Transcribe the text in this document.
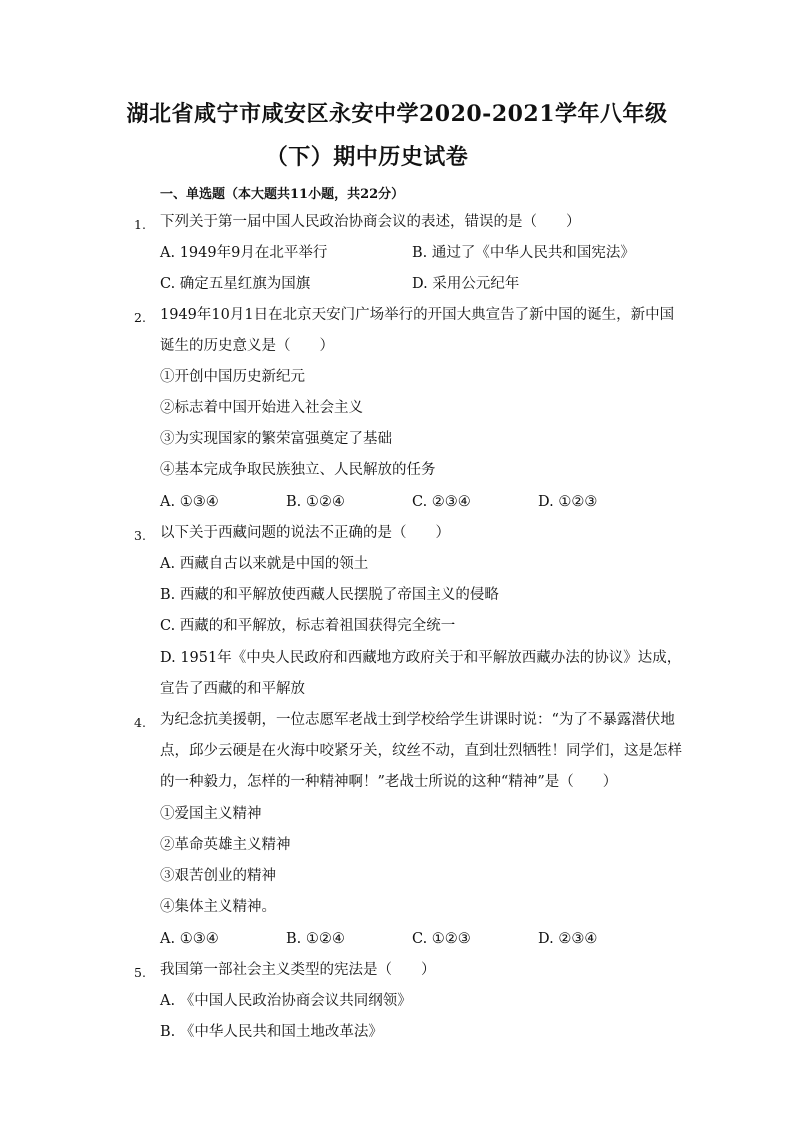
湖北省咸宁市咸安区永安中学2020-2021学年八年级
（下）期中历史试卷
一、单选题（本大题共11小题，共22分）
1. 下列关于第一届中国人民政治协商会议的表述，错误的是（　　）
A. 1949年9月在北平举行	B. 通过了《中华人民共和国宪法》
C. 确定五星红旗为国旗	D. 采用公元纪年
2. 1949年10月1日在北京天安门广场举行的开国大典宣告了新中国的诞生，新中国
诞生的历史意义是（　　）
①开创中国历史新纪元
②标志着中国开始进入社会主义
③为实现国家的繁荣富强奠定了基础
④基本完成争取民族独立、人民解放的任务
A. ①③④	B. ①②④	C. ②③④	D. ①②③
3. 以下关于西藏问题的说法不正确的是（　　）
A. 西藏自古以来就是中国的领土
B. 西藏的和平解放使西藏人民摆脱了帝国主义的侵略
C. 西藏的和平解放，标志着祖国获得完全统一
D. 1951年《中央人民政府和西藏地方政府关于和平解放西藏办法的协议》达成，
宣告了西藏的和平解放
4. 为纪念抗美援朝，一位志愿军老战士到学校给学生讲课时说：“为了不暴露潜伏地
点，邱少云硬是在火海中咬紧牙关，纹丝不动，直到壮烈牺牲！同学们，这是怎样
的一种毅力，怎样的一种精神啊！”老战士所说的这种“精神”是（　　）
①爱国主义精神
②革命英雄主义精神
③艰苦创业的精神
④集体主义精神。
A. ①③④	B. ①②④	C. ①②③	D. ②③④
5. 我国第一部社会主义类型的宪法是（　　）
A. 《中国人民政治协商会议共同纲领》
B. 《中华人民共和国土地改革法》
